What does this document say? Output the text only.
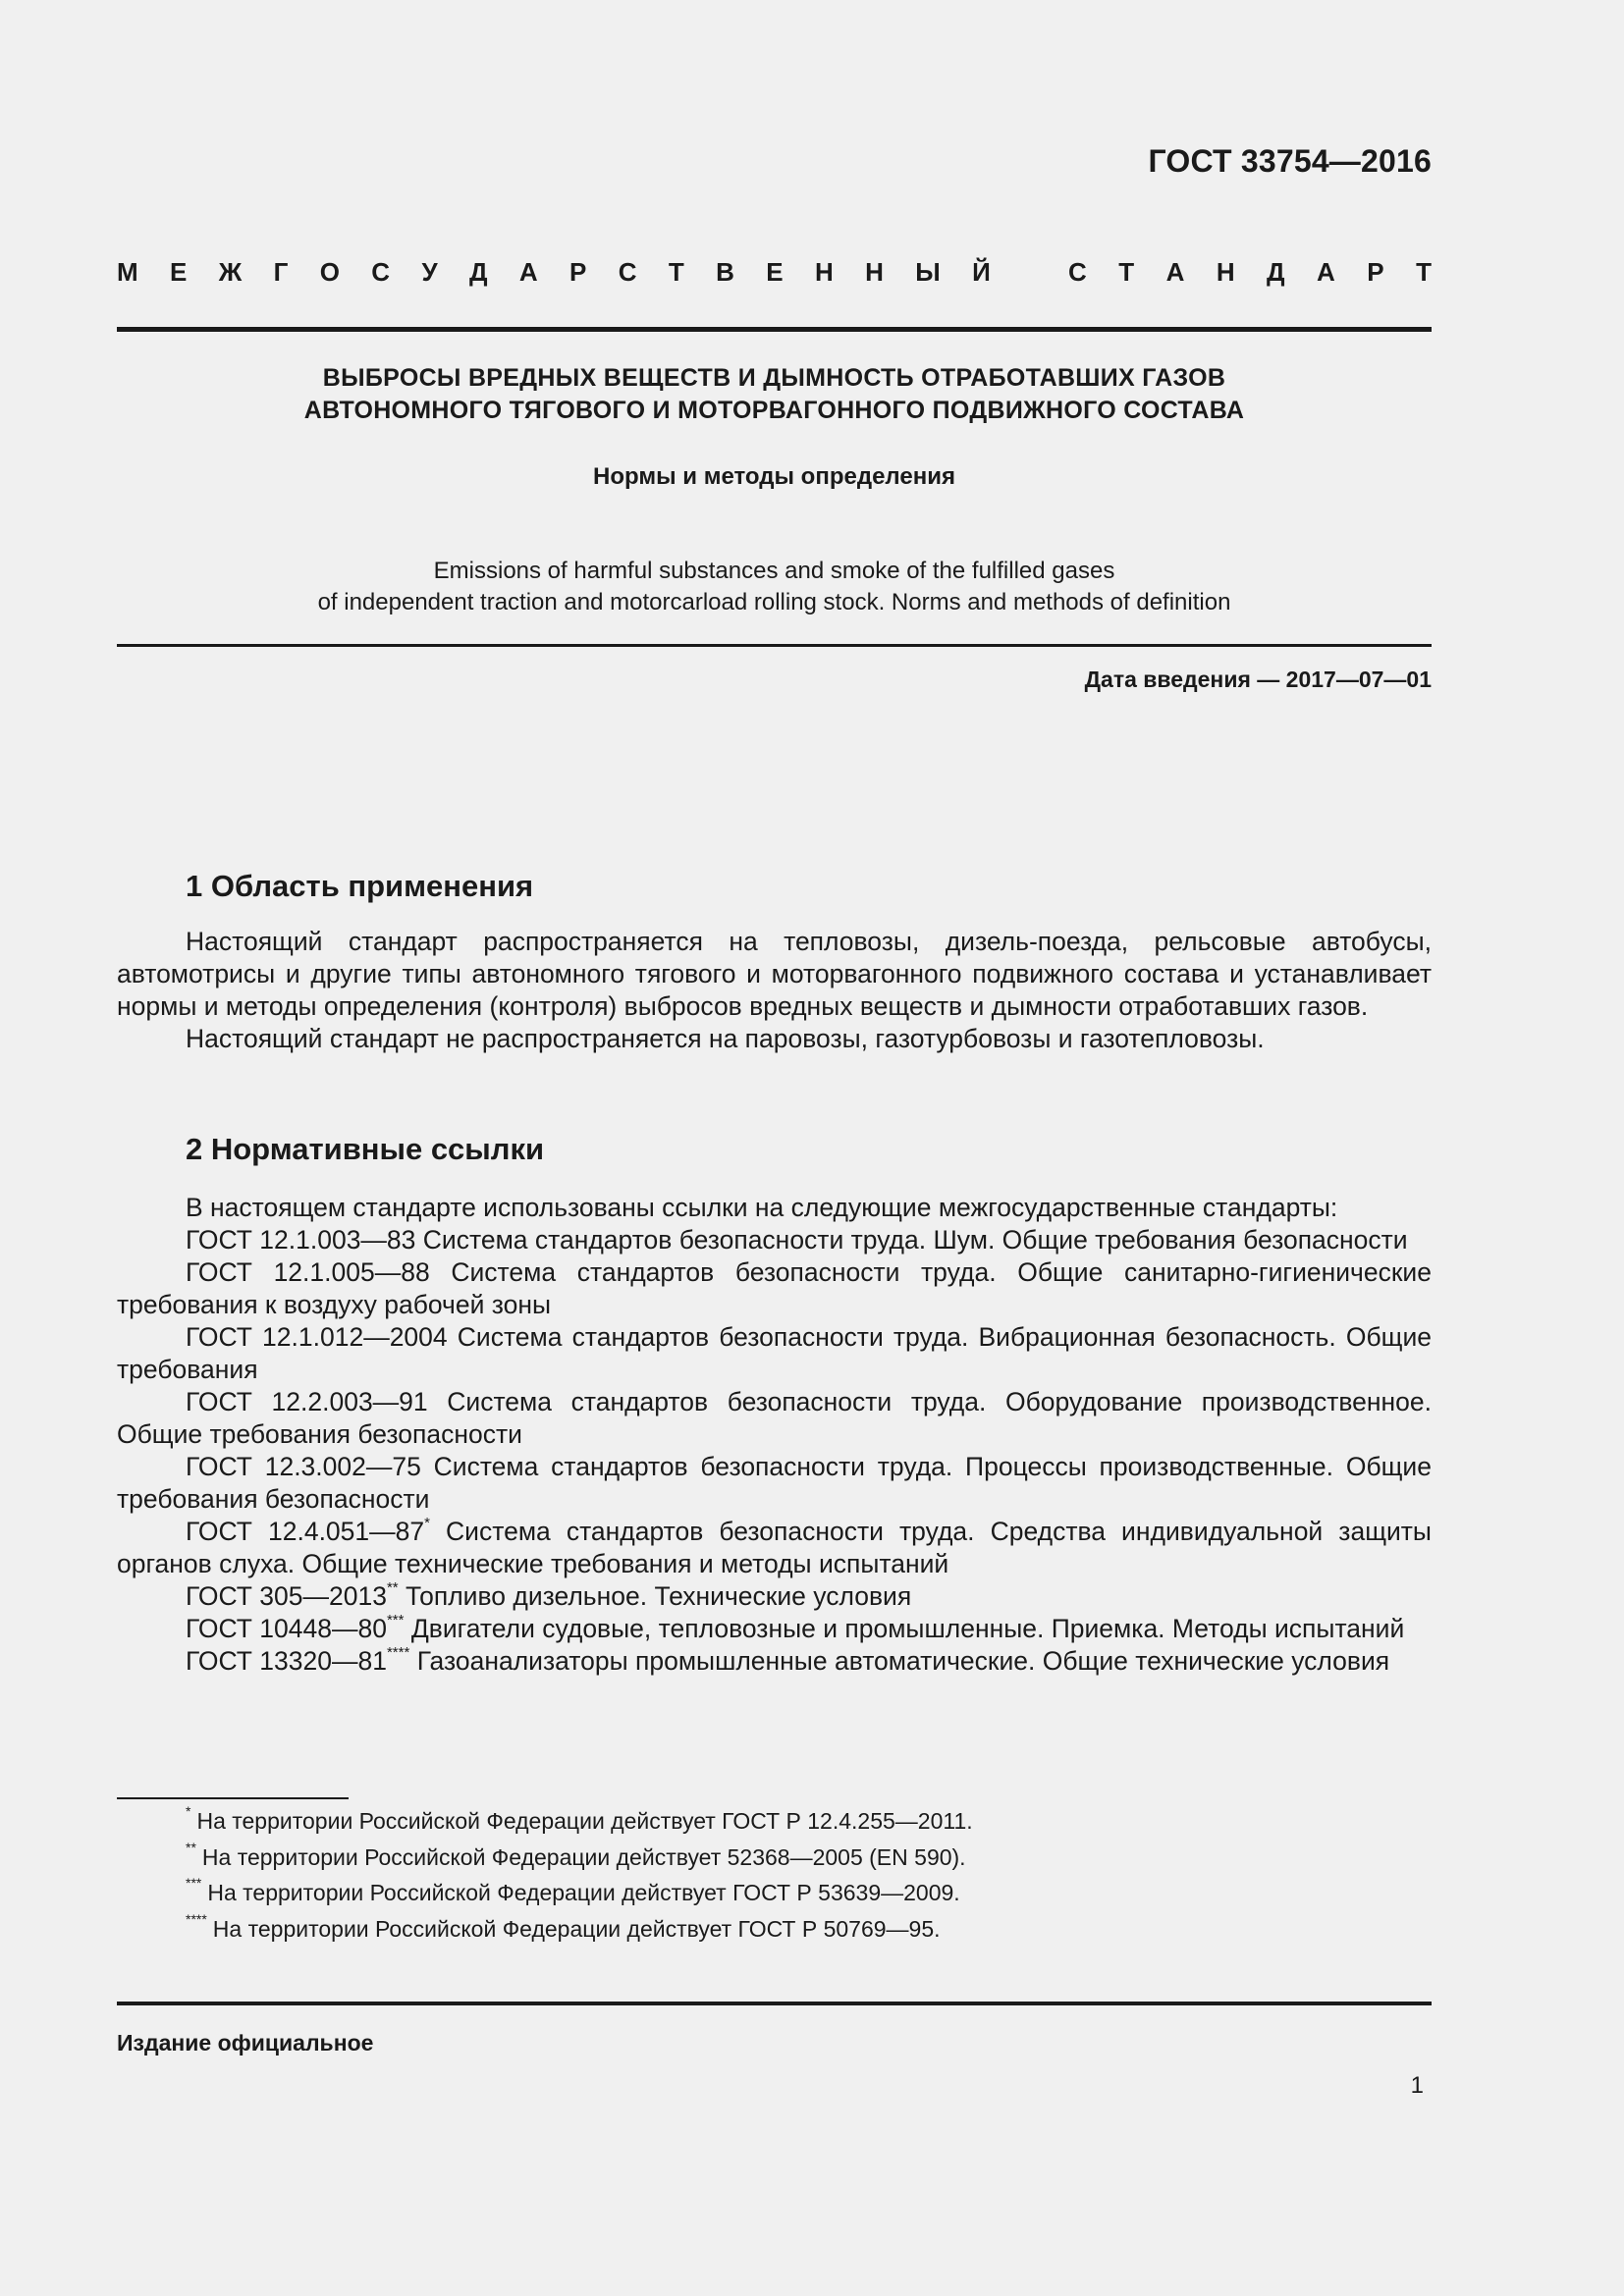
ГОСТ 33754—2016
М Е Ж Г О С У Д А Р С Т В Е Н Н Ы Й	С Т А Н Д А Р Т
ВЫБРОСЫ ВРЕДНЫХ ВЕЩЕСТВ И ДЫМНОСТЬ ОТРАБОТАВШИХ ГАЗОВ
АВТОНОМНОГО ТЯГОВОГО И МОТОРВАГОННОГО ПОДВИЖНОГО СОСТАВА
Нормы и методы определения
Emissions of harmful substances and smoke of the fulfilled gases
of independent traction and motorcarload rolling stock. Norms and methods of definition
Дата введения — 2017—07—01
1 Область применения

Настоящий стандарт распространяется на тепловозы, дизель-поезда, рельсовые автобусы, автомотрисы и другие типы автономного тягового и моторвагонного подвижного состава и устанавливает нормы и методы определения (контроля) выбросов вредных веществ и дымности отработавших газов.

Настоящий стандарт не распространяется на паровозы, газотурбовозы и газотепловозы.

2 Нормативные ссылки

В настоящем стандарте использованы ссылки на следующие межгосударственные стандарты:

ГОСТ 12.1.003—83 Система стандартов безопасности труда. Шум. Общие требования безопасности

ГОСТ 12.1.005—88 Система стандартов безопасности труда. Общие санитарно-гигиенические требования к воздуху рабочей зоны

ГОСТ 12.1.012—2004 Система стандартов безопасности труда. Вибрационная безопасность. Общие требования

ГОСТ 12.2.003—91 Система стандартов безопасности труда. Оборудование производственное. Общие требования безопасности

ГОСТ 12.3.002—75 Система стандартов безопасности труда. Процессы производственные. Общие требования безопасности

ГОСТ 12.4.051—87* Система стандартов безопасности труда. Средства индивидуальной защиты органов слуха. Общие технические требования и методы испытаний

ГОСТ 305—2013** Топливо дизельное. Технические условия

ГОСТ 10448—80*** Двигатели судовые, тепловозные и промышленные. Приемка. Методы испытаний

ГОСТ 13320—81**** Газоанализаторы промышленные автоматические. Общие технические условия

* На территории Российской Федерации действует ГОСТ Р 12.4.255—2011.
** На территории Российской Федерации действует 52368—2005 (EN 590).
*** На территории Российской Федерации действует ГОСТ Р 53639—2009.
**** На территории Российской Федерации действует ГОСТ Р 50769—95.
Издание официальное
1
